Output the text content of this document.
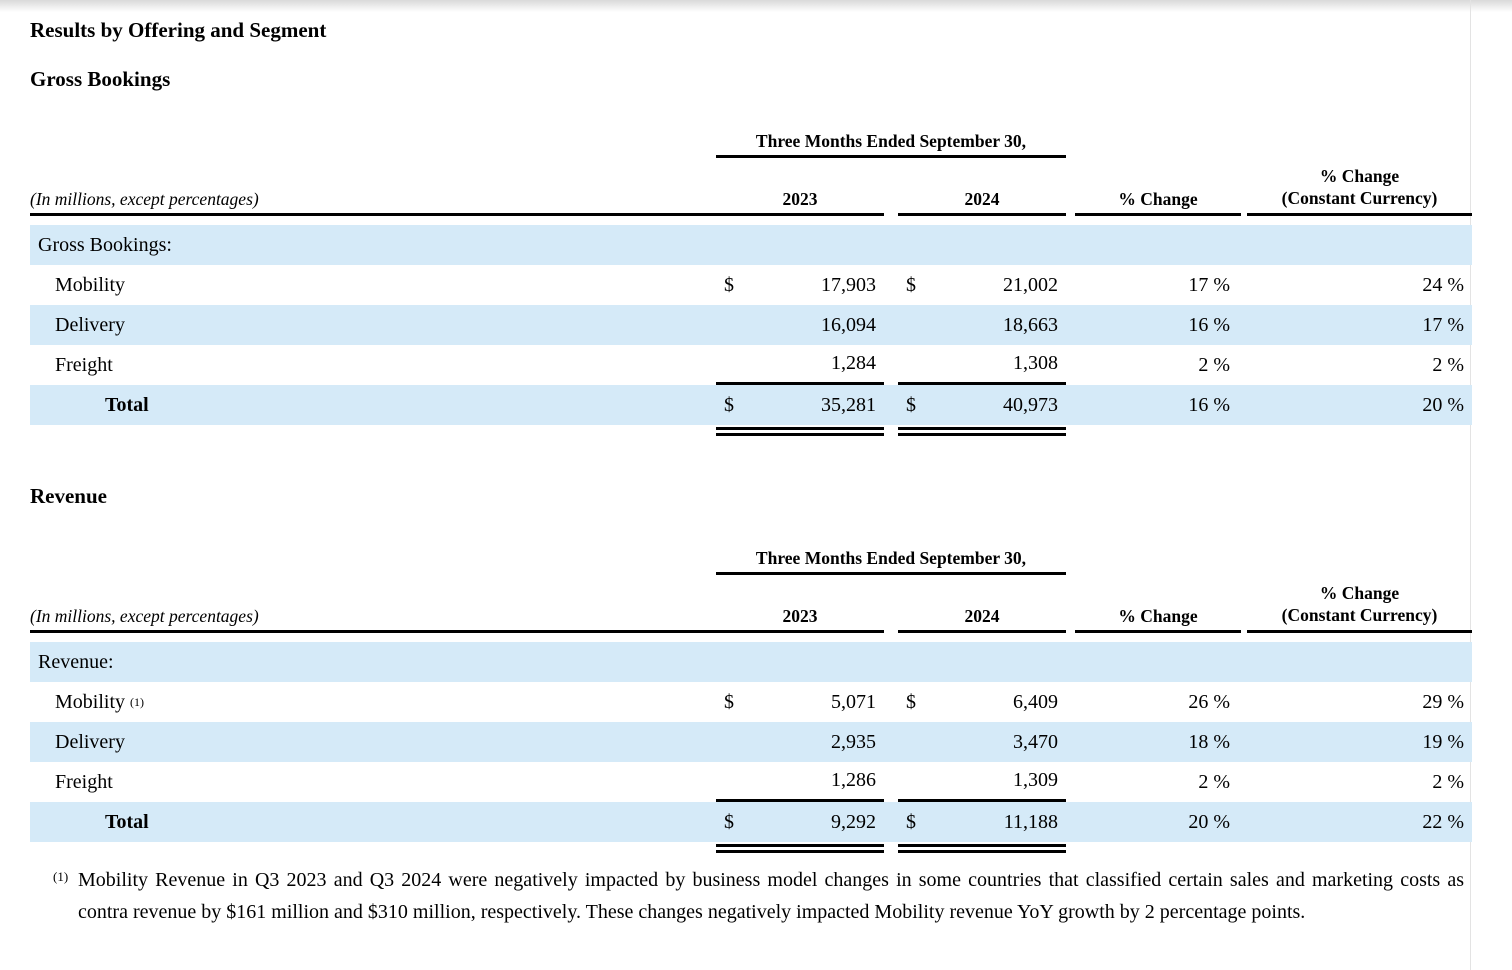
Results by Offering and Segment
Gross Bookings
Three Months Ended September 30,
(In millions, except percentages)	2023	2024	% Change
% Change
(Constant Currency)
Gross Bookings:
Mobility	$	17,903 $	21,002	17 %	24 %
Delivery	16,094	18,663	16 %	17 %
Freight	1,284	1,308	2 %	2 %
Total	$	35,281 $	40,973	16 %	20 %
Revenue
Three Months Ended September 30,
(In millions, except percentages)	2023	2024	% Change
% Change
(Constant Currency)
Revenue:
Mobility (1)	$	5,071 $	6,409	26 %	29 %
Delivery	2,935	3,470	18 %	19 %
Freight	1,286	1,309	2 %	2 %
Total	$	9,292 $	11,188	20 %	22 %
(1) Mobility Revenue in Q3 2023 and Q3 2024 were negatively impacted by business model changes in some countries that classified certain sales and marketing costs as contra revenue by $161 million and $310 million, respectively. These changes negatively impacted Mobility revenue YoY growth by 2 percentage points.
